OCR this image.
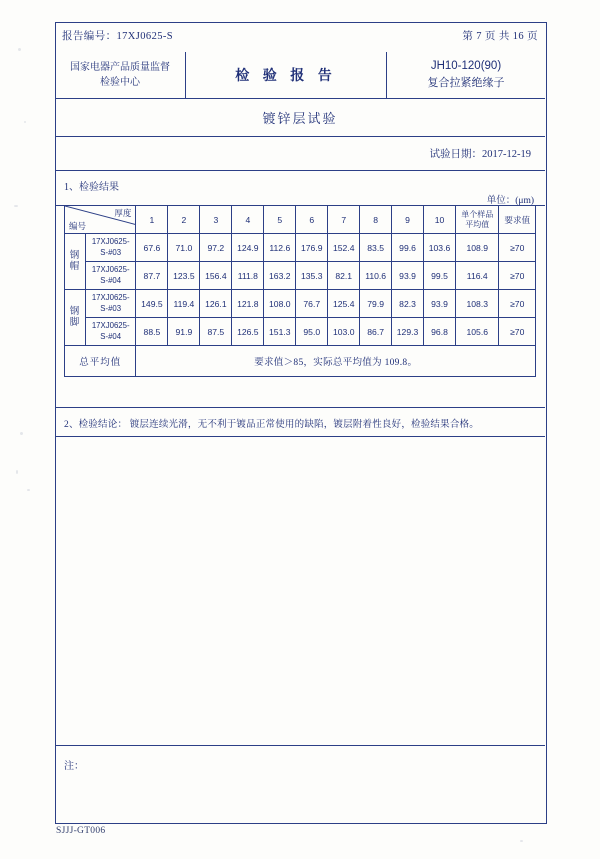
报告编号：17XJ0625-S	第 7 页 共 16 页
国家电器产品质量监督
检验中心	检 验 报 告
JH10-120(90)
复合拉紧绝缘子
镀锌层试验
试验日期：2017-12-19
1、检验结果
单位：(μm)
厚度
编号		1	2	3	4	5	6	7	8	9	10	单个样品
平均值	要求值

钢帽	17XJ0625-
S-#03	67.6	71.0	97.2	124.9	112.6	176.9	152.4	83.5	99.6	103.6	108.9	≥70
	17XJ0625-
S-#04	87.7	123.5	156.4	111.8	163.2	135.3	82.1	110.6	93.9	99.5	116.4	≥70

钢脚	17XJ0625-
S-#03	149.5	119.4	126.1	121.8	108.0	76.7	125.4	79.9	82.3	93.9	108.3	≥70
	17XJ0625-
S-#04	88.5	91.9	87.5	126.5	151.3	95.0	103.0	86.7	129.3	96.8	105.6	≥70
总平均值		要求值＞85，实际总平均值为 109.8。											
2、检验结论： 镀层连续光滑，无不利于镀品正常使用的缺陷，镀层附着性良好，检验结果合格。
注：
SJJJ-GT006
